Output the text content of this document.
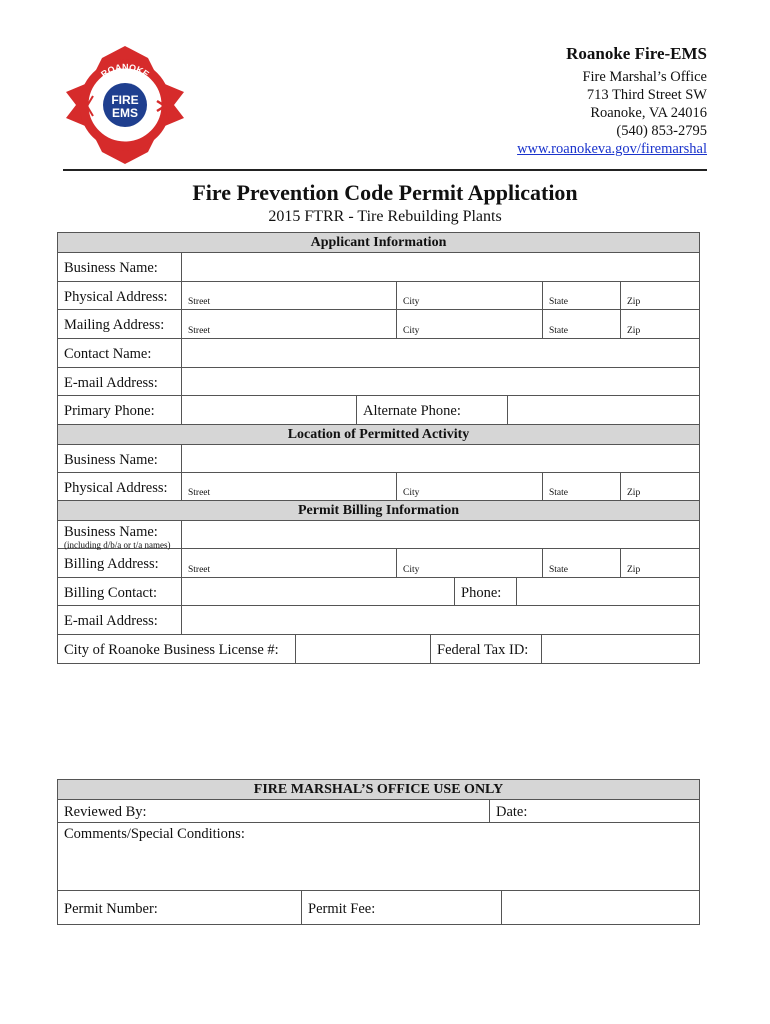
ROANOKE
VIRGINIA
FIRE
EMS
Roanoke Fire-EMS
Fire Marshal’s Office
713 Third Street SW
Roanoke, VA 24016
(540) 853-2795
www.roanokeva.gov/firemarshal
Fire Prevention Code Permit Application
2015 FTRR - Tire Rebuilding Plants
Applicant Information
Business Name:
Physical Address: Street	City	State	Zip
Mailing Address: Street	City	State	Zip
Contact Name:
E-mail Address:
Primary Phone:	Alternate Phone:
Location of Permitted Activity
Business Name:
Physical Address: Street	City	State	Zip
Permit Billing Information
Business Name:
(including d/b/a or t/a names)
Billing Address:	Street	City	State	Zip
Billing Contact:	Phone:
E-mail Address:
City of Roanoke Business License #:	Federal Tax ID:
FIRE MARSHAL’S OFFICE USE ONLY
Reviewed By:	Date:
Comments/Special Conditions:
Permit Number:	Permit Fee:
